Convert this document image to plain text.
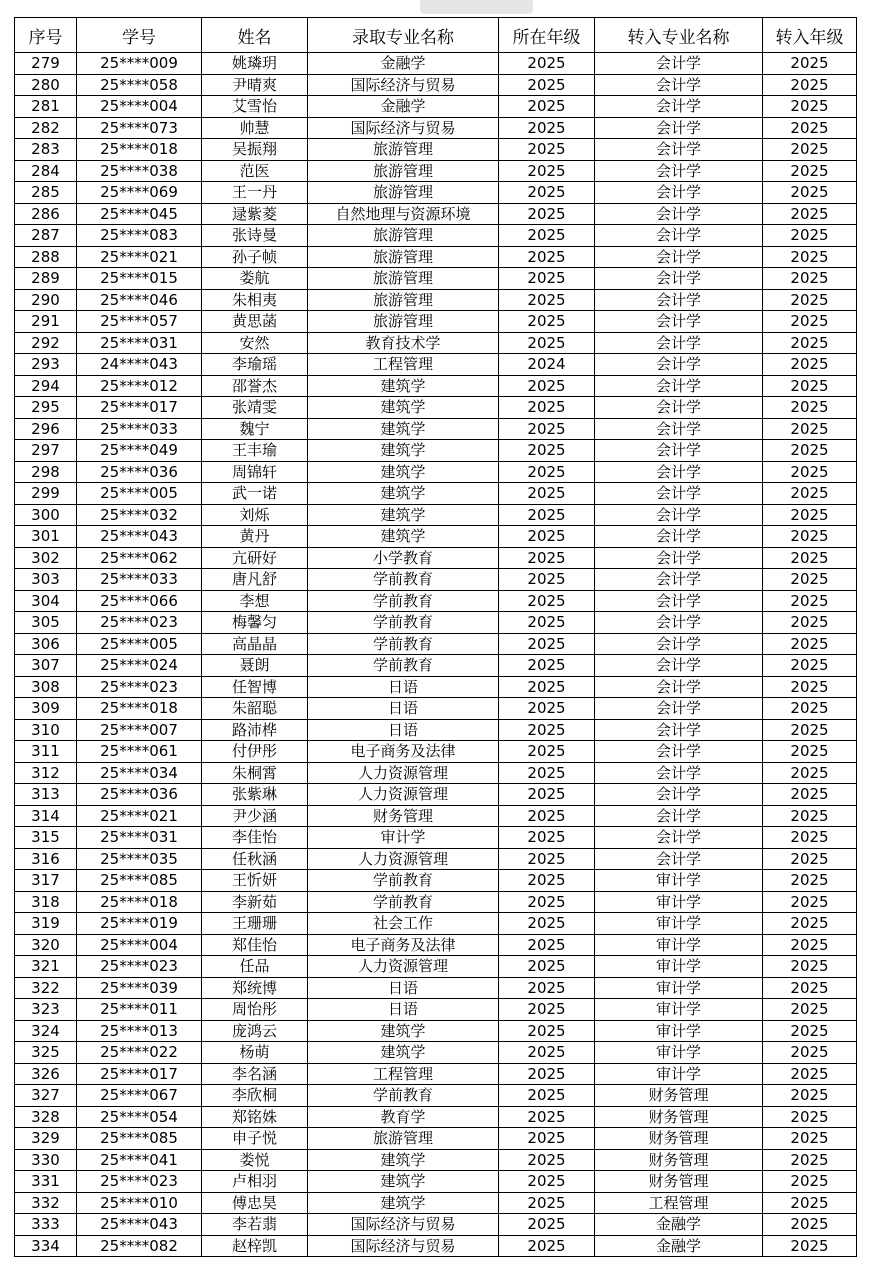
序号	学号	姓名	录取专业名称	所在年级	转入专业名称	转入年级
279	25****009	姚璘玥	金融学	2025	会计学	2025
280	25****058	尹晴爽	国际经济与贸易	2025	会计学	2025
281	25****004	艾雪怡	金融学	2025	会计学	2025
282	25****073	帅慧	国际经济与贸易	2025	会计学	2025
283	25****018	吴振翔	旅游管理	2025	会计学	2025
284	25****038	范医	旅游管理	2025	会计学	2025
285	25****069	王一丹	旅游管理	2025	会计学	2025
286	25****045	逯紫菱	自然地理与资源环境	2025	会计学	2025
287	25****083	张诗曼	旅游管理	2025	会计学	2025
288	25****021	孙子帧	旅游管理	2025	会计学	2025
289	25****015	娄航	旅游管理	2025	会计学	2025
290	25****046	朱相夷	旅游管理	2025	会计学	2025
291	25****057	黄思菡	旅游管理	2025	会计学	2025
292	25****031	安然	教育技术学	2025	会计学	2025
293	24****043	李瑜瑶	工程管理	2024	会计学	2025
294	25****012	邵誉杰	建筑学	2025	会计学	2025
295	25****017	张靖雯	建筑学	2025	会计学	2025
296	25****033	魏宁	建筑学	2025	会计学	2025
297	25****049	王丰瑜	建筑学	2025	会计学	2025
298	25****036	周锦轩	建筑学	2025	会计学	2025
299	25****005	武一诺	建筑学	2025	会计学	2025
300	25****032	刘烁	建筑学	2025	会计学	2025
301	25****043	黄丹	建筑学	2025	会计学	2025
302	25****062	亢研好	小学教育	2025	会计学	2025
303	25****033	唐凡舒	学前教育	2025	会计学	2025
304	25****066	李想	学前教育	2025	会计学	2025
305	25****023	梅馨匀	学前教育	2025	会计学	2025
306	25****005	高晶晶	学前教育	2025	会计学	2025
307	25****024	聂朗	学前教育	2025	会计学	2025
308	25****023	任智博	日语	2025	会计学	2025
309	25****018	朱韶聪	日语	2025	会计学	2025
310	25****007	路沛桦	日语	2025	会计学	2025
311	25****061	付伊彤	电子商务及法律	2025	会计学	2025
312	25****034	朱桐霄	人力资源管理	2025	会计学	2025
313	25****036	张紫琳	人力资源管理	2025	会计学	2025
314	25****021	尹少涵	财务管理	2025	会计学	2025
315	25****031	李佳怡	审计学	2025	会计学	2025
316	25****035	任秋涵	人力资源管理	2025	会计学	2025
317	25****085	王忻妍	学前教育	2025	审计学	2025
318	25****018	李新茹	学前教育	2025	审计学	2025
319	25****019	王珊珊	社会工作	2025	审计学	2025
320	25****004	郑佳怡	电子商务及法律	2025	审计学	2025
321	25****023	任品	人力资源管理	2025	审计学	2025
322	25****039	郑统博	日语	2025	审计学	2025
323	25****011	周怡彤	日语	2025	审计学	2025
324	25****013	庞鸿云	建筑学	2025	审计学	2025
325	25****022	杨萌	建筑学	2025	审计学	2025
326	25****017	李名涵	工程管理	2025	审计学	2025
327	25****067	李欣桐	学前教育	2025	财务管理	2025
328	25****054	郑铭姝	教育学	2025	财务管理	2025
329	25****085	申子悦	旅游管理	2025	财务管理	2025
330	25****041	娄悦	建筑学	2025	财务管理	2025
331	25****023	卢相羽	建筑学	2025	财务管理	2025
332	25****010	傅忠昊	建筑学	2025	工程管理	2025
333	25****043	李若翡	国际经济与贸易	2025	金融学	2025
334	25****082	赵梓凯	国际经济与贸易	2025	金融学	2025
